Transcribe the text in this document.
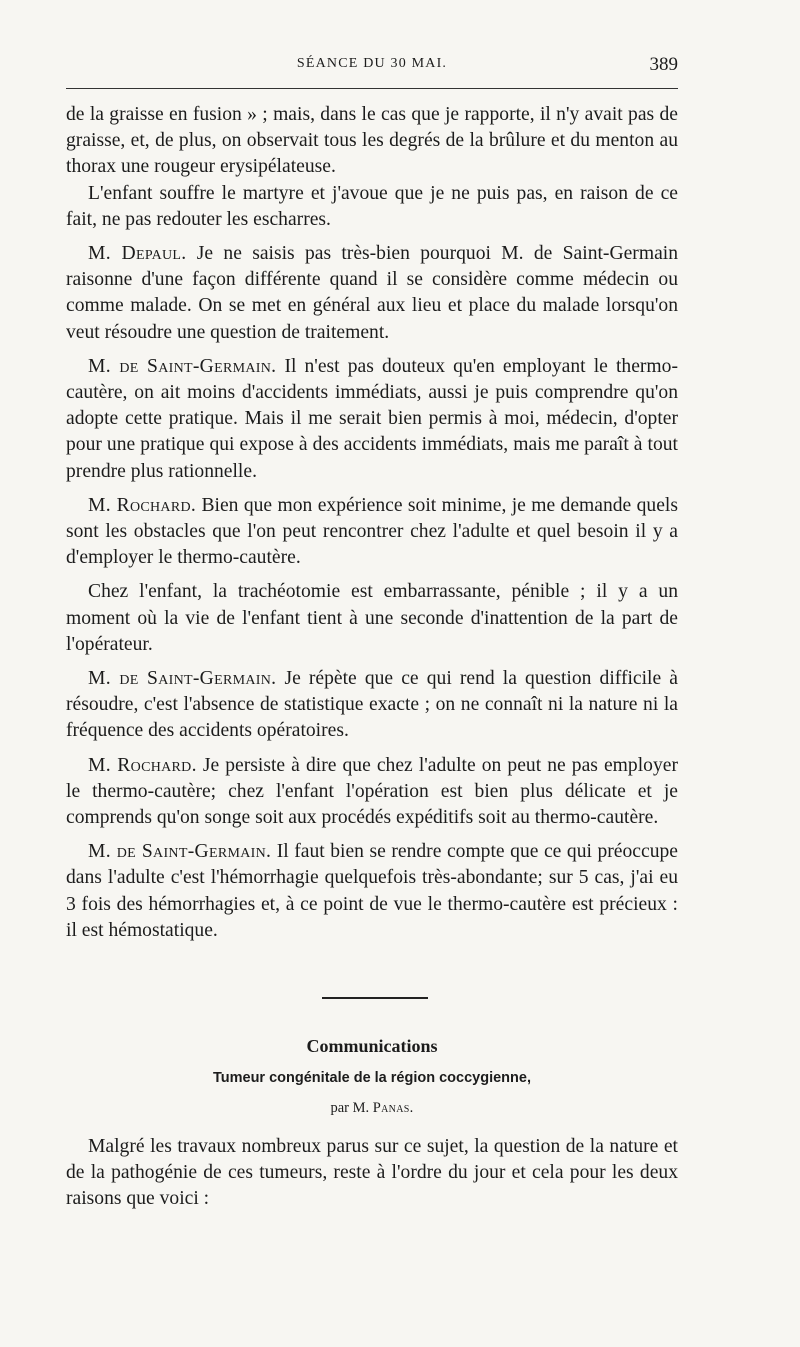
SÉANCE DU 30 MAI.	389

de la graisse en fusion » ; mais, dans le cas que je rapporte, il n'y avait pas de graisse, et, de plus, on observait tous les degrés de la brûlure et du menton au thorax une rougeur erysipélateuse.

L'enfant souffre le martyre et j'avoue que je ne puis pas, en raison de ce fait, ne pas redouter les escharres.

M. Depaul. Je ne saisis pas très-bien pourquoi M. de Saint-Germain raisonne d'une façon différente quand il se considère comme médecin ou comme malade. On se met en général aux lieu et place du malade lorsqu'on veut résoudre une question de traitement.

M. de Saint-Germain. Il n'est pas douteux qu'en employant le thermo-cautère, on ait moins d'accidents immédiats, aussi je puis comprendre qu'on adopte cette pratique. Mais il me serait bien permis à moi, médecin, d'opter pour une pratique qui expose à des accidents immédiats, mais me paraît à tout prendre plus rationnelle.

M. Rochard. Bien que mon expérience soit minime, je me demande quels sont les obstacles que l'on peut rencontrer chez l'adulte et quel besoin il y a d'employer le thermo-cautère.

Chez l'enfant, la trachéotomie est embarrassante, pénible ; il y a un moment où la vie de l'enfant tient à une seconde d'inattention de la part de l'opérateur.

M. de Saint-Germain. Je répète que ce qui rend la question difficile à résoudre, c'est l'absence de statistique exacte ; on ne connaît ni la nature ni la fréquence des accidents opératoires.

M. Rochard. Je persiste à dire que chez l'adulte on peut ne pas employer le thermo-cautère; chez l'enfant l'opération est bien plus délicate et je comprends qu'on songe soit aux procédés expéditifs soit au thermo-cautère.

M. de Saint-Germain. Il faut bien se rendre compte que ce qui préoccupe dans l'adulte c'est l'hémorrhagie quelquefois très-abondante; sur 5 cas, j'ai eu 3 fois des hémorrhagies et, à ce point de vue le thermo-cautère est précieux : il est hémostatique.

Communications
Tumeur congénitale de la région coccygienne,
par M. Panas.

Malgré les travaux nombreux parus sur ce sujet, la question de la nature et de la pathogénie de ces tumeurs, reste à l'ordre du jour et cela pour les deux raisons que voici :
